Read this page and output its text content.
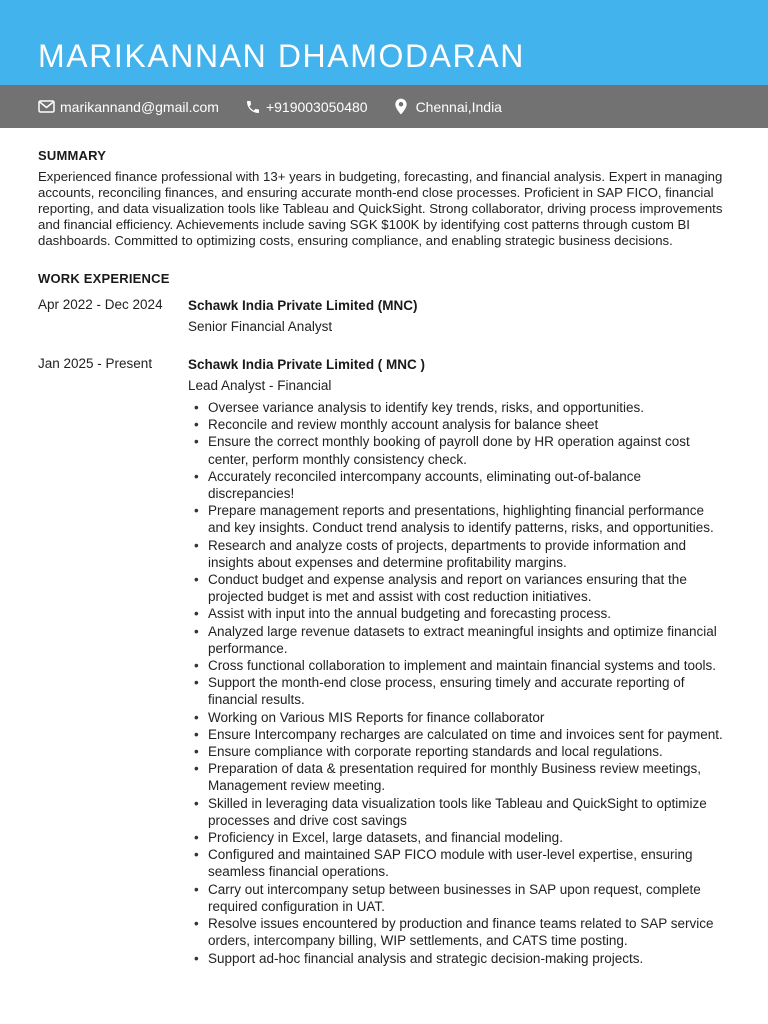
MARIKANNAN DHAMODARAN
marikannand@gmail.com	+919003050480	Chennai,India
SUMMARY
Experienced finance professional with 13+ years in budgeting, forecasting, and financial analysis. Expert in managing accounts, reconciling finances, and ensuring accurate month-end close processes. Proficient in SAP FICO, financial reporting, and data visualization tools like Tableau and QuickSight. Strong collaborator, driving process improvements and financial efficiency. Achievements include saving SGK $100K by identifying cost patterns through custom BI dashboards. Committed to optimizing costs, ensuring compliance, and enabling strategic business decisions.
WORK EXPERIENCE
Apr 2022 - Dec 2024	Schawk India Private Limited (MNC)
Senior Financial Analyst
Jan 2025 - Present	Schawk India Private Limited ( MNC )
Lead Analyst - Financial
• Oversee variance analysis to identify key trends, risks, and opportunities.
• Reconcile and review monthly account analysis for balance sheet
• Ensure the correct monthly booking of payroll done by HR operation against cost center, perform monthly consistency check.
• Accurately reconciled intercompany accounts, eliminating out-of-balance discrepancies!
• Prepare management reports and presentations, highlighting financial performance and key insights. Conduct trend analysis to identify patterns, risks, and opportunities.
• Research and analyze costs of projects, departments to provide information and insights about expenses and determine profitability margins.
• Conduct budget and expense analysis and report on variances ensuring that the projected budget is met and assist with cost reduction initiatives.
• Assist with input into the annual budgeting and forecasting process.
• Analyzed large revenue datasets to extract meaningful insights and optimize financial performance.
• Cross functional collaboration to implement and maintain financial systems and tools.
• Support the month-end close process, ensuring timely and accurate reporting of financial results.
• Working on Various MIS Reports for finance collaborator
• Ensure Intercompany recharges are calculated on time and invoices sent for payment.
• Ensure compliance with corporate reporting standards and local regulations.
• Preparation of data & presentation required for monthly Business review meetings, Management review meeting.
• Skilled in leveraging data visualization tools like Tableau and QuickSight to optimize processes and drive cost savings
• Proficiency in Excel, large datasets, and financial modeling.
• Configured and maintained SAP FICO module with user-level expertise, ensuring seamless financial operations.
• Carry out intercompany setup between businesses in SAP upon request, complete required configuration in UAT.
• Resolve issues encountered by production and finance teams related to SAP service orders, intercompany billing, WIP settlements, and CATS time posting.
• Support ad-hoc financial analysis and strategic decision-making projects.
